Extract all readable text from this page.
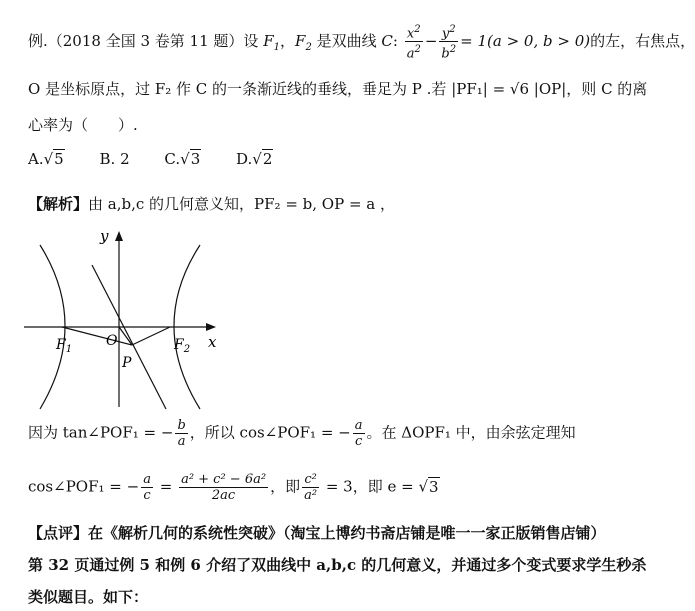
例.（2018 全国 3 卷第 11 题）设 $F_1$，$F_2$ 是双曲线 C: $\frac{x^2}{a^2} - \frac{y^2}{b^2} = 1(a > 0$, b > 0)的左，右焦点，
O 是坐标原点，过 F₂ 作 C 的一条渐近线的垂线，垂足为 P .若 |PF₁| = √6 |OP|，则 C 的离
心率为（　　）.
A.√5 B. 2 C.√3 D.√2
【解析】由 a,b,c 的几何意义知，PF₂ = b, OP = a ，
y
x
$F_1$	$F_2$
O
P
因为 tan∠POF₁ = − $\frac{b}{a}$ ，所以 cos∠POF₁ = − $\frac{a}{c}$ 。在 ΔOPF₁ 中，由余弦定理知
cos∠POF₁ = − $\frac{a}{c} = \frac{\text{a² + c² − 6a²}}{2ac}$ ，即 $\frac{\text{c²}}{\text{a²}} = 3$，即 e = √3
【点评】在《解析几何的系统性突破》（淘宝上博约书斋店铺是唯一一家正版销售店铺）
第 32 页通过例 5 和例 6 介绍了双曲线中 a,b,c 的几何意义，并通过多个变式要求学生秒杀
类似题目。如下：
